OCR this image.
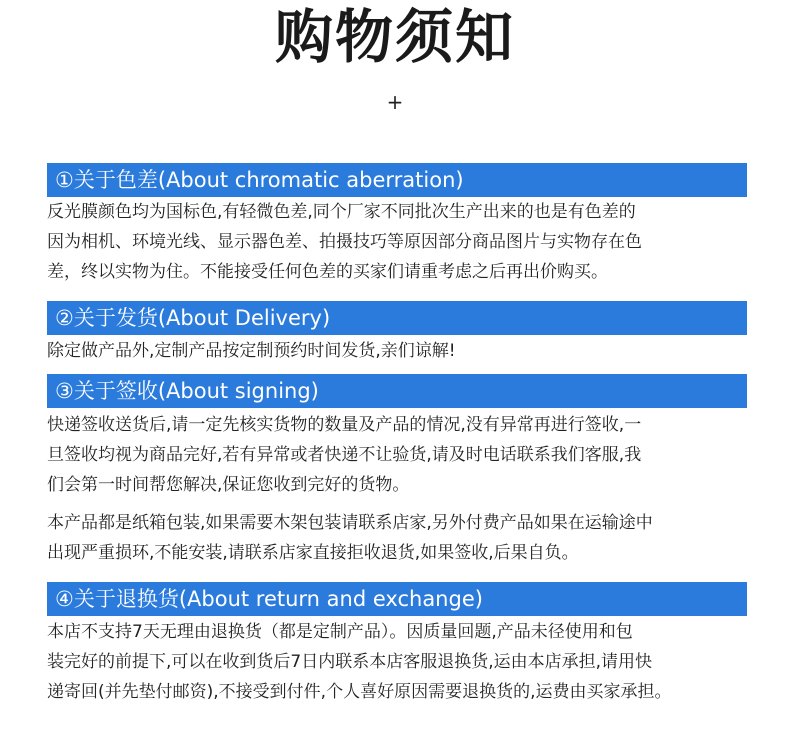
购物须知
+
①关于色差(About chromatic aberration)
反光膜颜色均为国标色,有轻微色差,同个厂家不同批次生产出来的也是有色差的
因为相机、环境光线、显示器色差、拍摄技巧等原因部分商品图片与实物存在色
差，终以实物为住。不能接受任何色差的买家们请重考虑之后再出价购买。
②关于发货(About Delivery)
除定做产品外,定制产品按定制预约时间发货,亲们谅解!
③关于签收(About signing)
快递签收送货后,请一定先核实货物的数量及产品的情况,没有异常再进行签收,一
旦签收均视为商品完好,若有异常或者快递不让验货,请及时电话联系我们客服,我
们会第一时间帮您解决,保证您收到完好的货物。
本产品都是纸箱包装,如果需要木架包装请联系店家,另外付费产品如果在运输途中
出现严重损环,不能安装,请联系店家直接拒收退货,如果签收,后果自负。
④关于退换货(About return and exchange)
本店不支持7天无理由退换货（都是定制产品）。因质量回题,产品未径使用和包
装完好的前提下,可以在收到货后7日内联系本店客服退换货,运由本店承担,请用快
递寄回(并先垫付邮资),不接受到付件,个人喜好原因需要退换货的,运费由买家承担。
